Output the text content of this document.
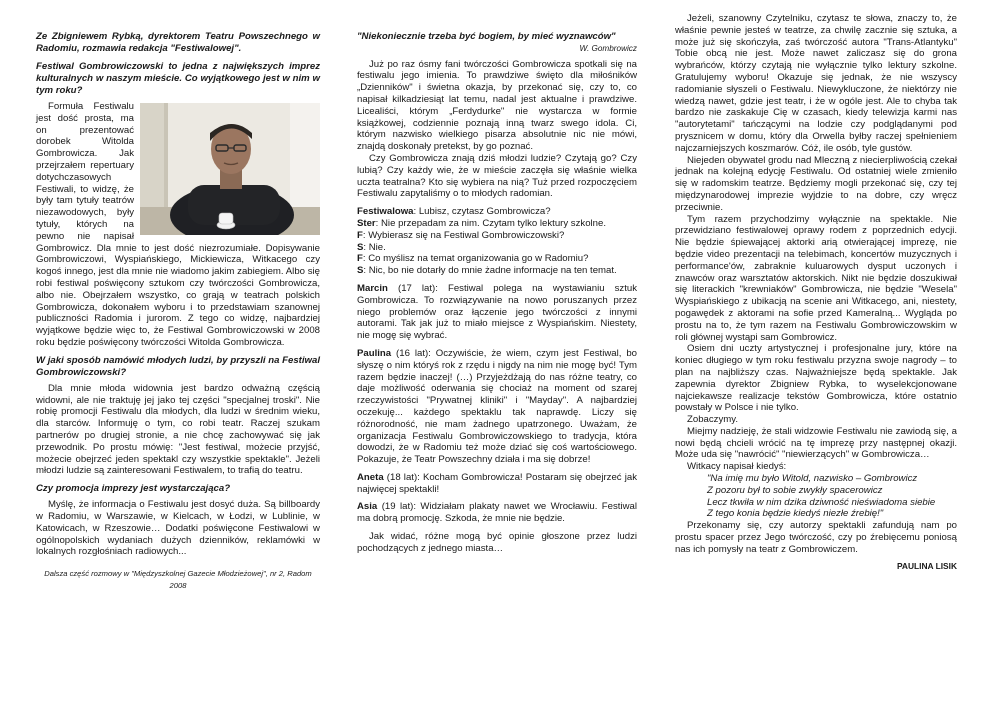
Ze Zbigniewem Rybką, dyrektorem Teatru Powszechnego w Radomiu, rozmawia redakcja "Festiwalowej".

Festiwal Gombrowiczowski to jedna z największych imprez kulturalnych w naszym mieście. Co wyjątkowego jest w nim w tym roku?

Formuła Festiwalu jest dość prosta, ma on prezentować dorobek Witolda Gombrowicza. Jak przejrzałem repertuary dotychczasowych Festiwali, to widzę, że były tam tytuły teatrów niezawodowych, były tytuły, których na pewno nie napisał Gombrowicz. Dla mnie to jest dość niezrozumiałe. Dopisywanie Gombrowiczowi, Wyspiańskiego, Mickiewicza, Witkacego czy kogoś innego, jest dla mnie nie wiadomo jakim zabiegiem. Albo się robi festiwal poświęcony sztukom czy twórczości Gombrowicza, albo nie. Obejrzałem wszystko, co grają w teatrach polskich Gombrowicza, dokonałem wyboru i to przedstawiam szanownej publiczności Radomia i jurorom. Z tego co widzę, najbardziej wyjątkowe będzie więc to, że Festiwal Gombrowiczowski w 2008 roku będzie poświęcony twórczości Witolda Gombrowicza.

W jaki sposób namówić młodych ludzi, by przyszli na Festiwal Gombrowiczowski?

Dla mnie młoda widownia jest bardzo odważną częścią widowni, ale nie traktuję jej jako tej części "specjalnej troski". Nie robię promocji Festiwalu dla młodych, dla ludzi w średnim wieku, dla starców. Informuję o tym, co robi teatr. Raczej szukam partnerów po drugiej stronie, a nie chcę zachowywać się jak przewodnik. Po prostu mówię: "Jest festiwal, możecie przyjść, możecie obejrzeć jeden spektakl czy wszystkie spektakle". Jeżeli młodzi ludzie są zainteresowani Festiwalem, to trafią do teatru.

Czy promocja imprezy jest wystarczająca?

Myślę, że informacja o Festiwalu jest dosyć duża. Są billboardy w Radomiu, w Warszawie, w Kielcach, w Łodzi, w Lublinie, w Katowicach, w Rzeszowie… Dodatki poświęcone Festiwalowi w ogólnopolskich wydaniach dużych dzienników, reklamówki w lokalnych rozgłośniach radiowych...

Dalsza część rozmowy w "Międzyszkolnej Gazecie Młodzieżowej", nr 2, Radom 2008

"Niekoniecznie trzeba być bogiem, by mieć wyznawców"

W. Gombrowicz

Już po raz ósmy fani twórczości Gombrowicza spotkali się na festiwalu jego imienia. To prawdziwe święto dla miłośników „Dzienników" i świetna okazja, by przekonać się, czy to, co napisał kilkadziesiąt lat temu, nadal jest aktualne i prawdziwe. Licealiści, którym „Ferdydurke" nie wystarcza w formie książkowej, codziennie poznają inną twarz swego idola. Ci, którym nazwisko wielkiego pisarza absolutnie nic nie mówi, znajdą doskonały pretekst, by go poznać.

Czy Gombrowicza znają dziś młodzi ludzie? Czytają go? Czy lubią? Czy każdy wie, że w mieście zaczęła się właśnie wielka uczta teatralna? Kto się wybiera na nią? Tuż przed rozpoczęciem Festiwalu zapytaliśmy o to młodych radomian.

Festiwalowa: Lubisz, czytasz Gombrowicza?

Ster: Nie przepadam za nim. Czytam tylko lektury szkolne.

F: Wybierasz się na Festiwal Gombrowiczowski?

S: Nie.

F: Co myślisz na temat organizowania go w Radomiu?

S: Nic, bo nie dotarły do mnie żadne informacje na ten temat.

Marcin (17 lat): Festiwal polega na wystawianiu sztuk Gombrowicza. To rozwiązywanie na nowo poruszanych przez niego problemów oraz łączenie jego twórczości z innymi autorami. Tak jak już to miało miejsce z Wyspiańskim. Niestety, nie mogę się wybrać.

Paulina (16 lat): Oczywiście, że wiem, czym jest Festiwal, bo słyszę o nim któryś rok z rzędu i nigdy na nim nie mogę być! Tym razem będzie inaczej! (…) Przyjeżdżają do nas różne teatry, co daje możliwość oderwania się chociaż na moment od szarej rzeczywistości "Prywatnej kliniki" i "Mayday". A najbardziej oczekuję... każdego spektaklu tak naprawdę. Liczy się różnorodność, nie mam żadnego upatrzonego. Uważam, że organizacja Festiwalu Gombrowiczowskiego to tradycja, która dowodzi, że w Radomiu też może dziać się coś wartościowego. Pokazuje, że Teatr Powszechny działa i ma się dobrze!

Aneta (18 lat): Kocham Gombrowicza! Postaram się obejrzeć jak najwięcej spektakli!

Asia (19 lat): Widziałam plakaty nawet we Wrocławiu. Festiwal ma dobrą promocję. Szkoda, że mnie nie będzie.

Jak widać, różne mogą być opinie głoszone przez ludzi pochodzących z jednego miasta…

Jeżeli, szanowny Czytelniku, czytasz te słowa, znaczy to, że właśnie pewnie jesteś w teatrze, za chwilę zacznie się sztuka, a może już się skończyła, zaś twórczość autora "Trans-Atlantyku" Tobie obcą nie jest. Może nawet zaliczasz się do grona wybrańców, którzy czytają nie wyłącznie tylko lektury szkolne. Gratulujemy wyboru! Okazuje się jednak, że nie wszyscy radomianie słyszeli o Festiwalu. Niewykluczone, że niektórzy nie wiedzą nawet, gdzie jest teatr, i że w ogóle jest. Ale to chyba tak bardzo nie zaskakuje Cię w czasach, kiedy telewizja karmi nas "autorytetami" tańczącymi na lodzie czy podglądanymi pod prysznicem w domu, który dla Orwella byłby raczej spełnieniem najczarniejszych koszmarów. Cóż, ile osób, tyle gustów.

Niejeden obywatel grodu nad Mleczną z niecierpliwością czekał jednak na kolejną edycję Festiwalu. Od ostatniej wiele zmieniło się w radomskim teatrze. Będziemy mogli przekonać się, czy tej międzynarodowej imprezie wyjdzie to na dobre, czy wręcz przeciwnie.

Tym razem przychodzimy wyłącznie na spektakle. Nie przewidziano festiwalowej oprawy rodem z poprzednich edycji. Nie będzie śpiewającej aktorki arią otwierającej imprezę, nie będzie video prezentacji na telebimach, koncertów muzycznych i performance'ów, zabraknie kuluarowych dysput uczonych i znawców oraz warsztatów aktorskich. Nikt nie będzie doszukiwał się literackich "krewniaków" Gombrowicza, nie będzie "Wesela" Wyspiańskiego z ubikacją na scenie ani Witkacego, ani, niestety, pogawędek z aktorami na sofie przed Kameralną... Wygląda po prostu na to, że tym razem na Festiwalu Gombrowiczowskim w roli głównej wystąpi sam Gombrowicz.

Osiem dni uczty artystycznej i profesjonalne jury, które na koniec długiego w tym roku festiwalu przyzna swoje nagrody – to plan na najbliższy czas. Najważniejsze będą spektakle. Jak zapewnia dyrektor Zbigniew Rybka, to wyselekcjonowane najciekawsze realizacje tekstów Gombrowicza, które ostatnio powstały w Polsce i nie tylko.

Zobaczymy.

Miejmy nadzieję, że stali widzowie Festiwalu nie zawiodą się, a nowi będą chcieli wrócić na tę imprezę przy następnej okazji. Może uda się "nawrócić" "niewierzących" w Gombrowicza…

Witkacy napisał kiedyś:

"Na imię mu było Witold, nazwisko – Gombrowicz

Z pozoru był to sobie zwykły spacerowicz

Lecz tkwiła w nim dzika dziwność nieświadoma siebie

Z tego konia będzie kiedyś niezłe źrebię!"

Przekonamy się, czy autorzy spektakli zafundują nam po prostu spacer przez Jego twórczość, czy po źrebięcemu poniosą nas ich pomysły na teatr z Gombrowiczem.

PAULINA LISIK
